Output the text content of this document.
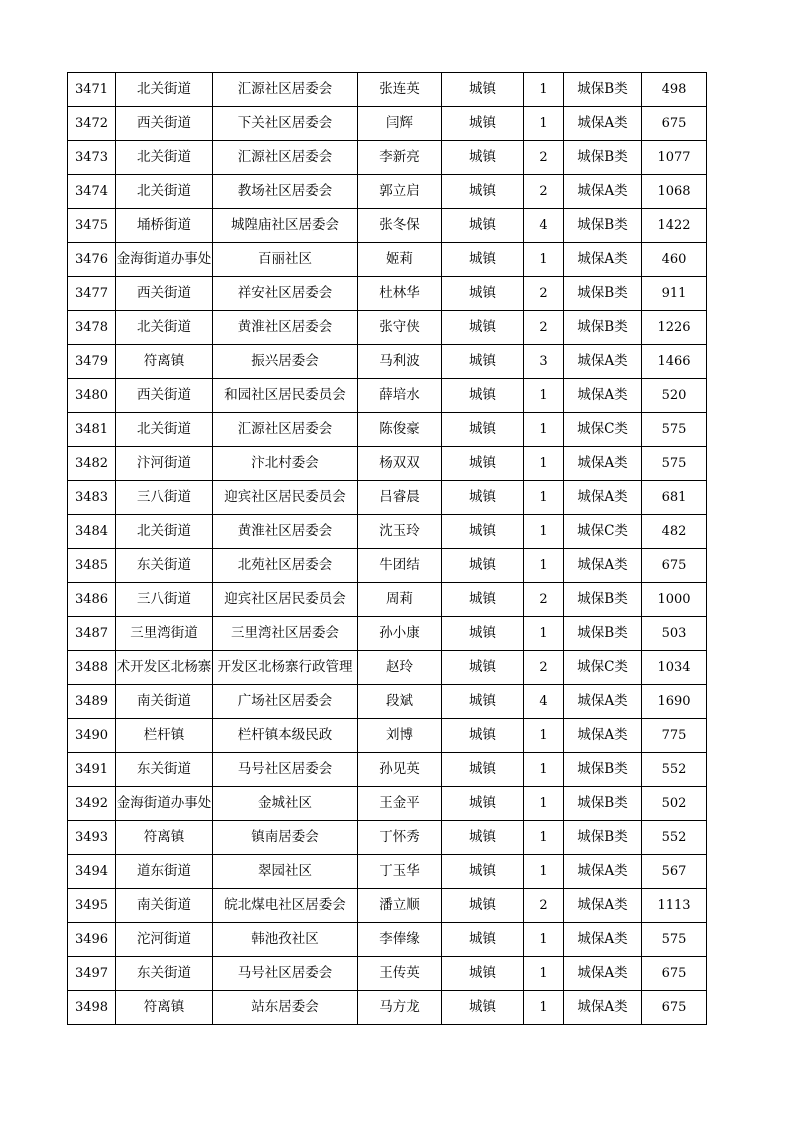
3471	北关街道	汇源社区居委会	张连英	城镇	1	城保B类	498
3472	西关街道	下关社区居委会	闫辉	城镇	1	城保A类	675
3473	北关街道	汇源社区居委会	李新亮	城镇	2	城保B类	1077
3474	北关街道	教场社区居委会	郭立启	城镇	2	城保A类	1068
3475	埇桥街道	城隍庙社区居委会	张冬保	城镇	4	城保B类	1422
3476	金海街道办事处	百丽社区	姬莉	城镇	1	城保A类	460
3477	西关街道	祥安社区居委会	杜林华	城镇	2	城保B类	911
3478	北关街道	黄淮社区居委会	张守侠	城镇	2	城保B类	1226
3479	符离镇	振兴居委会	马利波	城镇	3	城保A类	1466
3480	西关街道	和园社区居民委员会	薛培水	城镇	1	城保A类	520
3481	北关街道	汇源社区居委会	陈俊豪	城镇	1	城保C类	575
3482	汴河街道	汴北村委会	杨双双	城镇	1	城保A类	575
3483	三八街道	迎宾社区居民委员会	吕睿晨	城镇	1	城保A类	681
3484	北关街道	黄淮社区居委会	沈玉玲	城镇	1	城保C类	482
3485	东关街道	北苑社区居委会	牛团结	城镇	1	城保A类	675
3486	三八街道	迎宾社区居民委员会	周莉	城镇	2	城保B类	1000
3487	三里湾街道	三里湾社区居委会	孙小康	城镇	1	城保B类	503
3488	术开发区北杨寨	开发区北杨寨行政管理	赵玲	城镇	2	城保C类	1034
3489	南关街道	广场社区居委会	段斌	城镇	4	城保A类	1690
3490	栏杆镇	栏杆镇本级民政	刘博	城镇	1	城保A类	775
3491	东关街道	马号社区居委会	孙见英	城镇	1	城保B类	552
3492	金海街道办事处	金城社区	王金平	城镇	1	城保B类	502
3493	符离镇	镇南居委会	丁怀秀	城镇	1	城保B类	552
3494	道东街道	翠园社区	丁玉华	城镇	1	城保A类	567
3495	南关街道	皖北煤电社区居委会	潘立顺	城镇	2	城保A类	1113
3496	沱河街道	韩池孜社区	李俸缘	城镇	1	城保A类	575
3497	东关街道	马号社区居委会	王传英	城镇	1	城保A类	675
3498	符离镇	站东居委会	马方龙	城镇	1	城保A类	675
